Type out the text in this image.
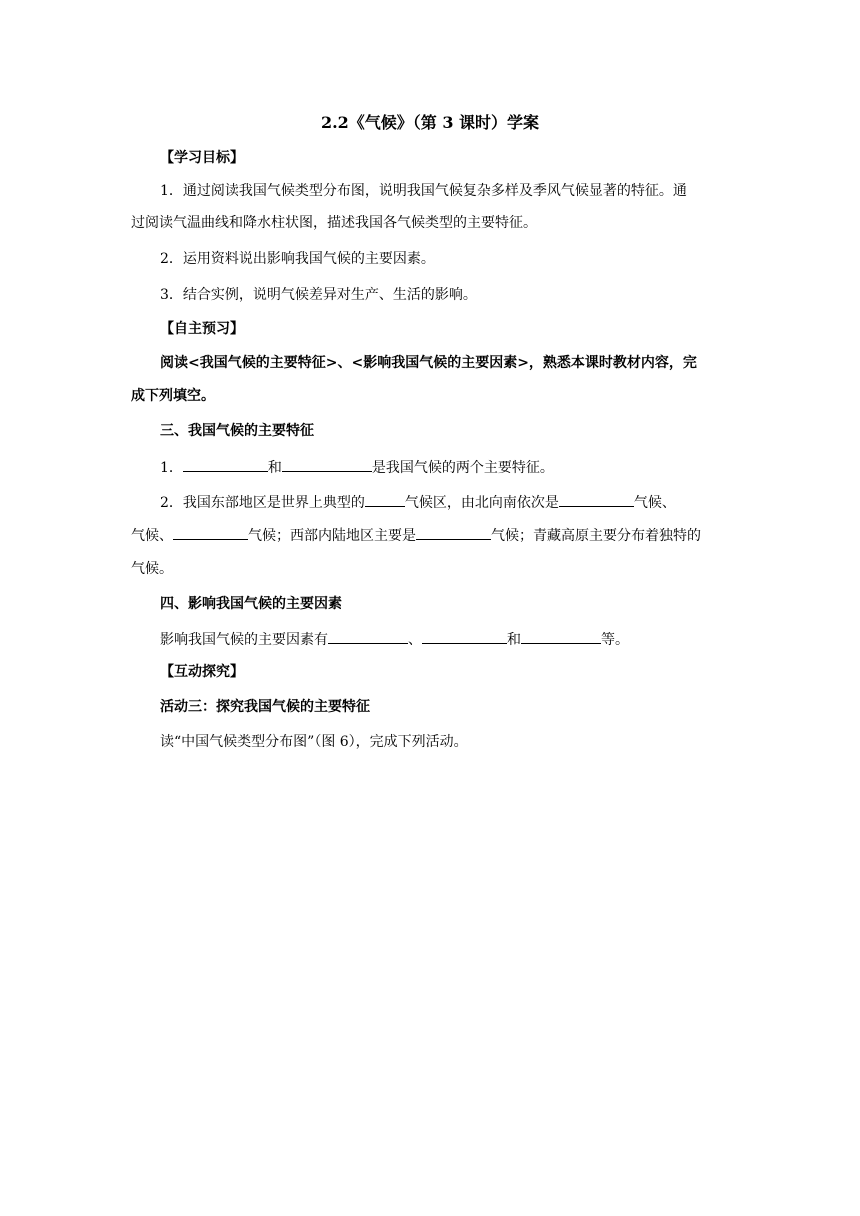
2.2《气候》（第 3 课时）学案
【学习目标】
1．通过阅读我国气候类型分布图，说明我国气候复杂多样及季风气候显著的特征。通
过阅读气温曲线和降水柱状图，描述我国各气候类型的主要特征。
2．运用资料说出影响我国气候的主要因素。
3．结合实例，说明气候差异对生产、生活的影响。
【自主预习】
阅读<我国气候的主要特征>、<影响我国气候的主要因素>，熟悉本课时教材内容，完
成下列填空。
三、我国气候的主要特征
1．	和	是我国气候的两个主要特征。
2．我国东部地区是世界上典型的	气候区，由北向南依次是	气候、
气候、	气候；西部内陆地区主要是	气候；青藏高原主要分布着独特的
气候。
四、影响我国气候的主要因素
影响我国气候的主要因素有	、	和	等。
【互动探究】
活动三：探究我国气候的主要特征
读“中国气候类型分布图”（图 6），完成下列活动。
